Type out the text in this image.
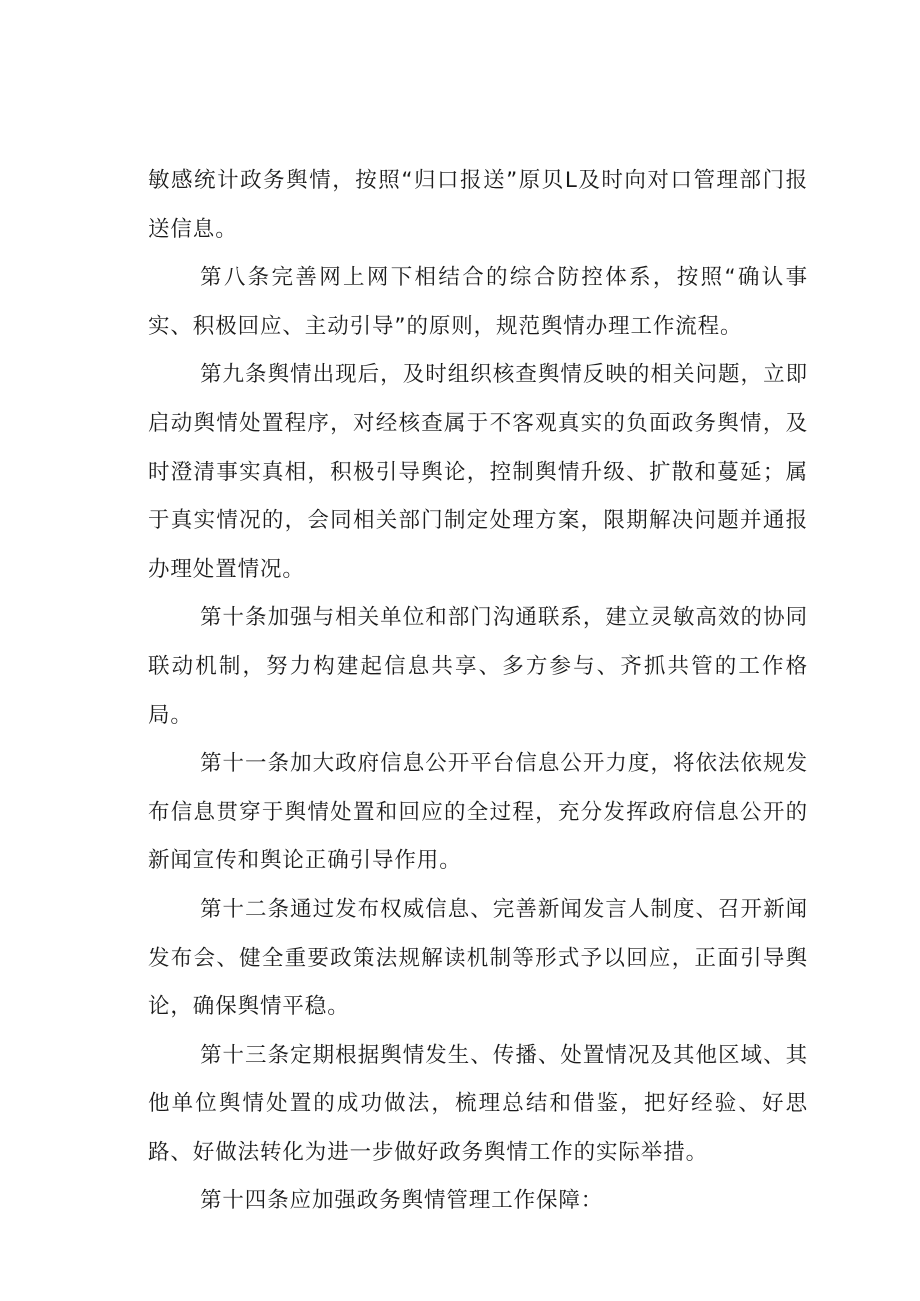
敏感统计政务舆情，按照“归口报送”原贝L及时向对口管理部门报送信息。

第八条完善网上网下相结合的综合防控体系，按照“确认事实、积极回应、主动引导”的原则，规范舆情办理工作流程。

第九条舆情出现后，及时组织核查舆情反映的相关问题，立即启动舆情处置程序，对经核查属于不客观真实的负面政务舆情，及时澄清事实真相，积极引导舆论，控制舆情升级、扩散和蔓延；属于真实情况的，会同相关部门制定处理方案，限期解决问题并通报办理处置情况。

第十条加强与相关单位和部门沟通联系，建立灵敏高效的协同联动机制，努力构建起信息共享、多方参与、齐抓共管的工作格局。

第十一条加大政府信息公开平台信息公开力度，将依法依规发布信息贯穿于舆情处置和回应的全过程，充分发挥政府信息公开的新闻宣传和舆论正确引导作用。

第十二条通过发布权威信息、完善新闻发言人制度、召开新闻发布会、健全重要政策法规解读机制等形式予以回应，正面引导舆论，确保舆情平稳。

第十三条定期根据舆情发生、传播、处置情况及其他区域、其他单位舆情处置的成功做法，梳理总结和借鉴，把好经验、好思路、好做法转化为进一步做好政务舆情工作的实际举措。

第十四条应加强政务舆情管理工作保障：
